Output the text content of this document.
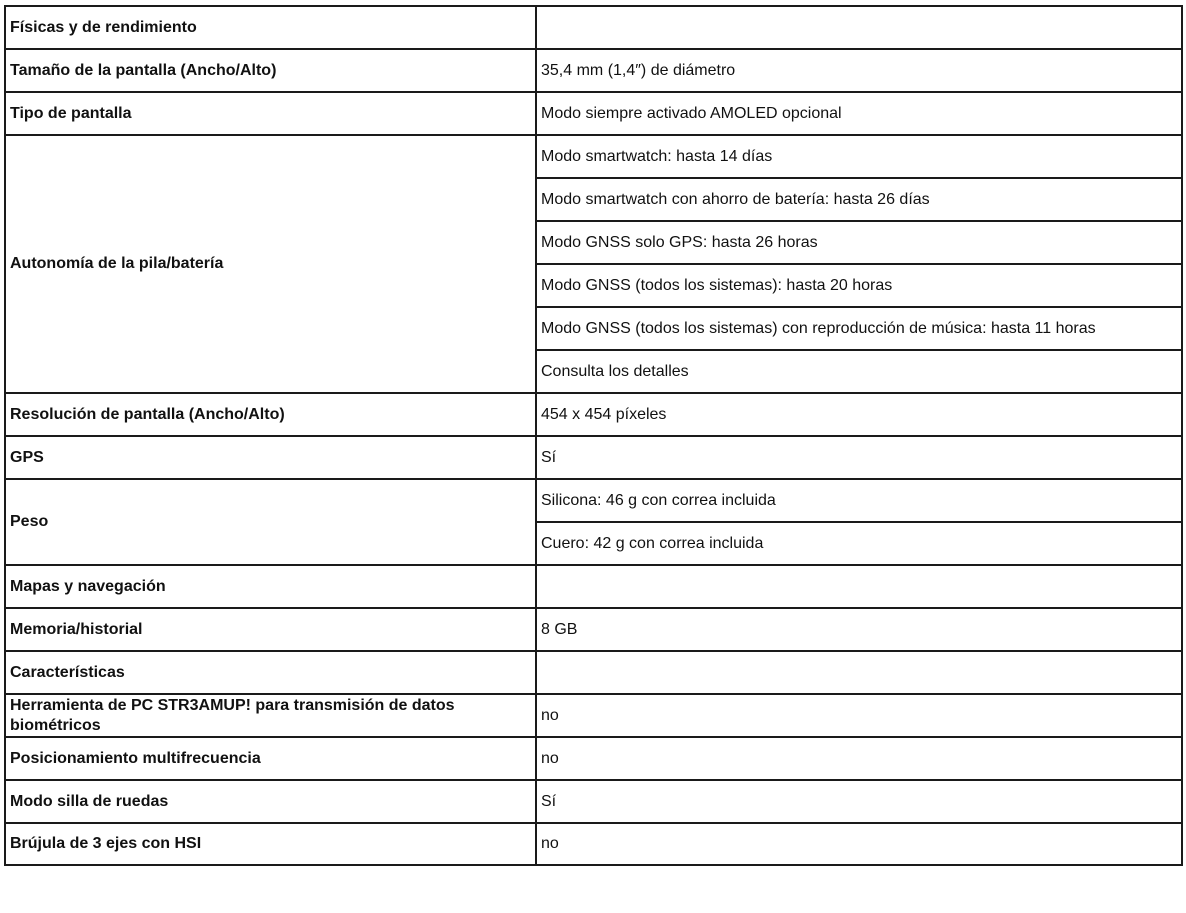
Físicas y de rendimiento	
Tamaño de la pantalla (Ancho/Alto)	35,4 mm (1,4″) de diámetro
Tipo de pantalla	Modo siempre activado AMOLED opcional
Autonomía de la pila/batería	Modo smartwatch: hasta 14 días
	Modo smartwatch con ahorro de batería: hasta 26 días
	Modo GNSS solo GPS: hasta 26 horas
	Modo GNSS (todos los sistemas): hasta 20 horas
	Modo GNSS (todos los sistemas) con reproducción de música: hasta 11 horas
	Consulta los detalles
Resolución de pantalla (Ancho/Alto)	454 x 454 píxeles
GPS	Sí
Peso	Silicona: 46 g con correa incluida
	Cuero: 42 g con correa incluida
Mapas y navegación	
Memoria/historial	8 GB
Características	
Herramienta de PC STR3AMUP! para transmisión de datos biométricos	no
Posicionamiento multifrecuencia	no
Modo silla de ruedas	Sí
Brújula de 3 ejes con HSI	no
